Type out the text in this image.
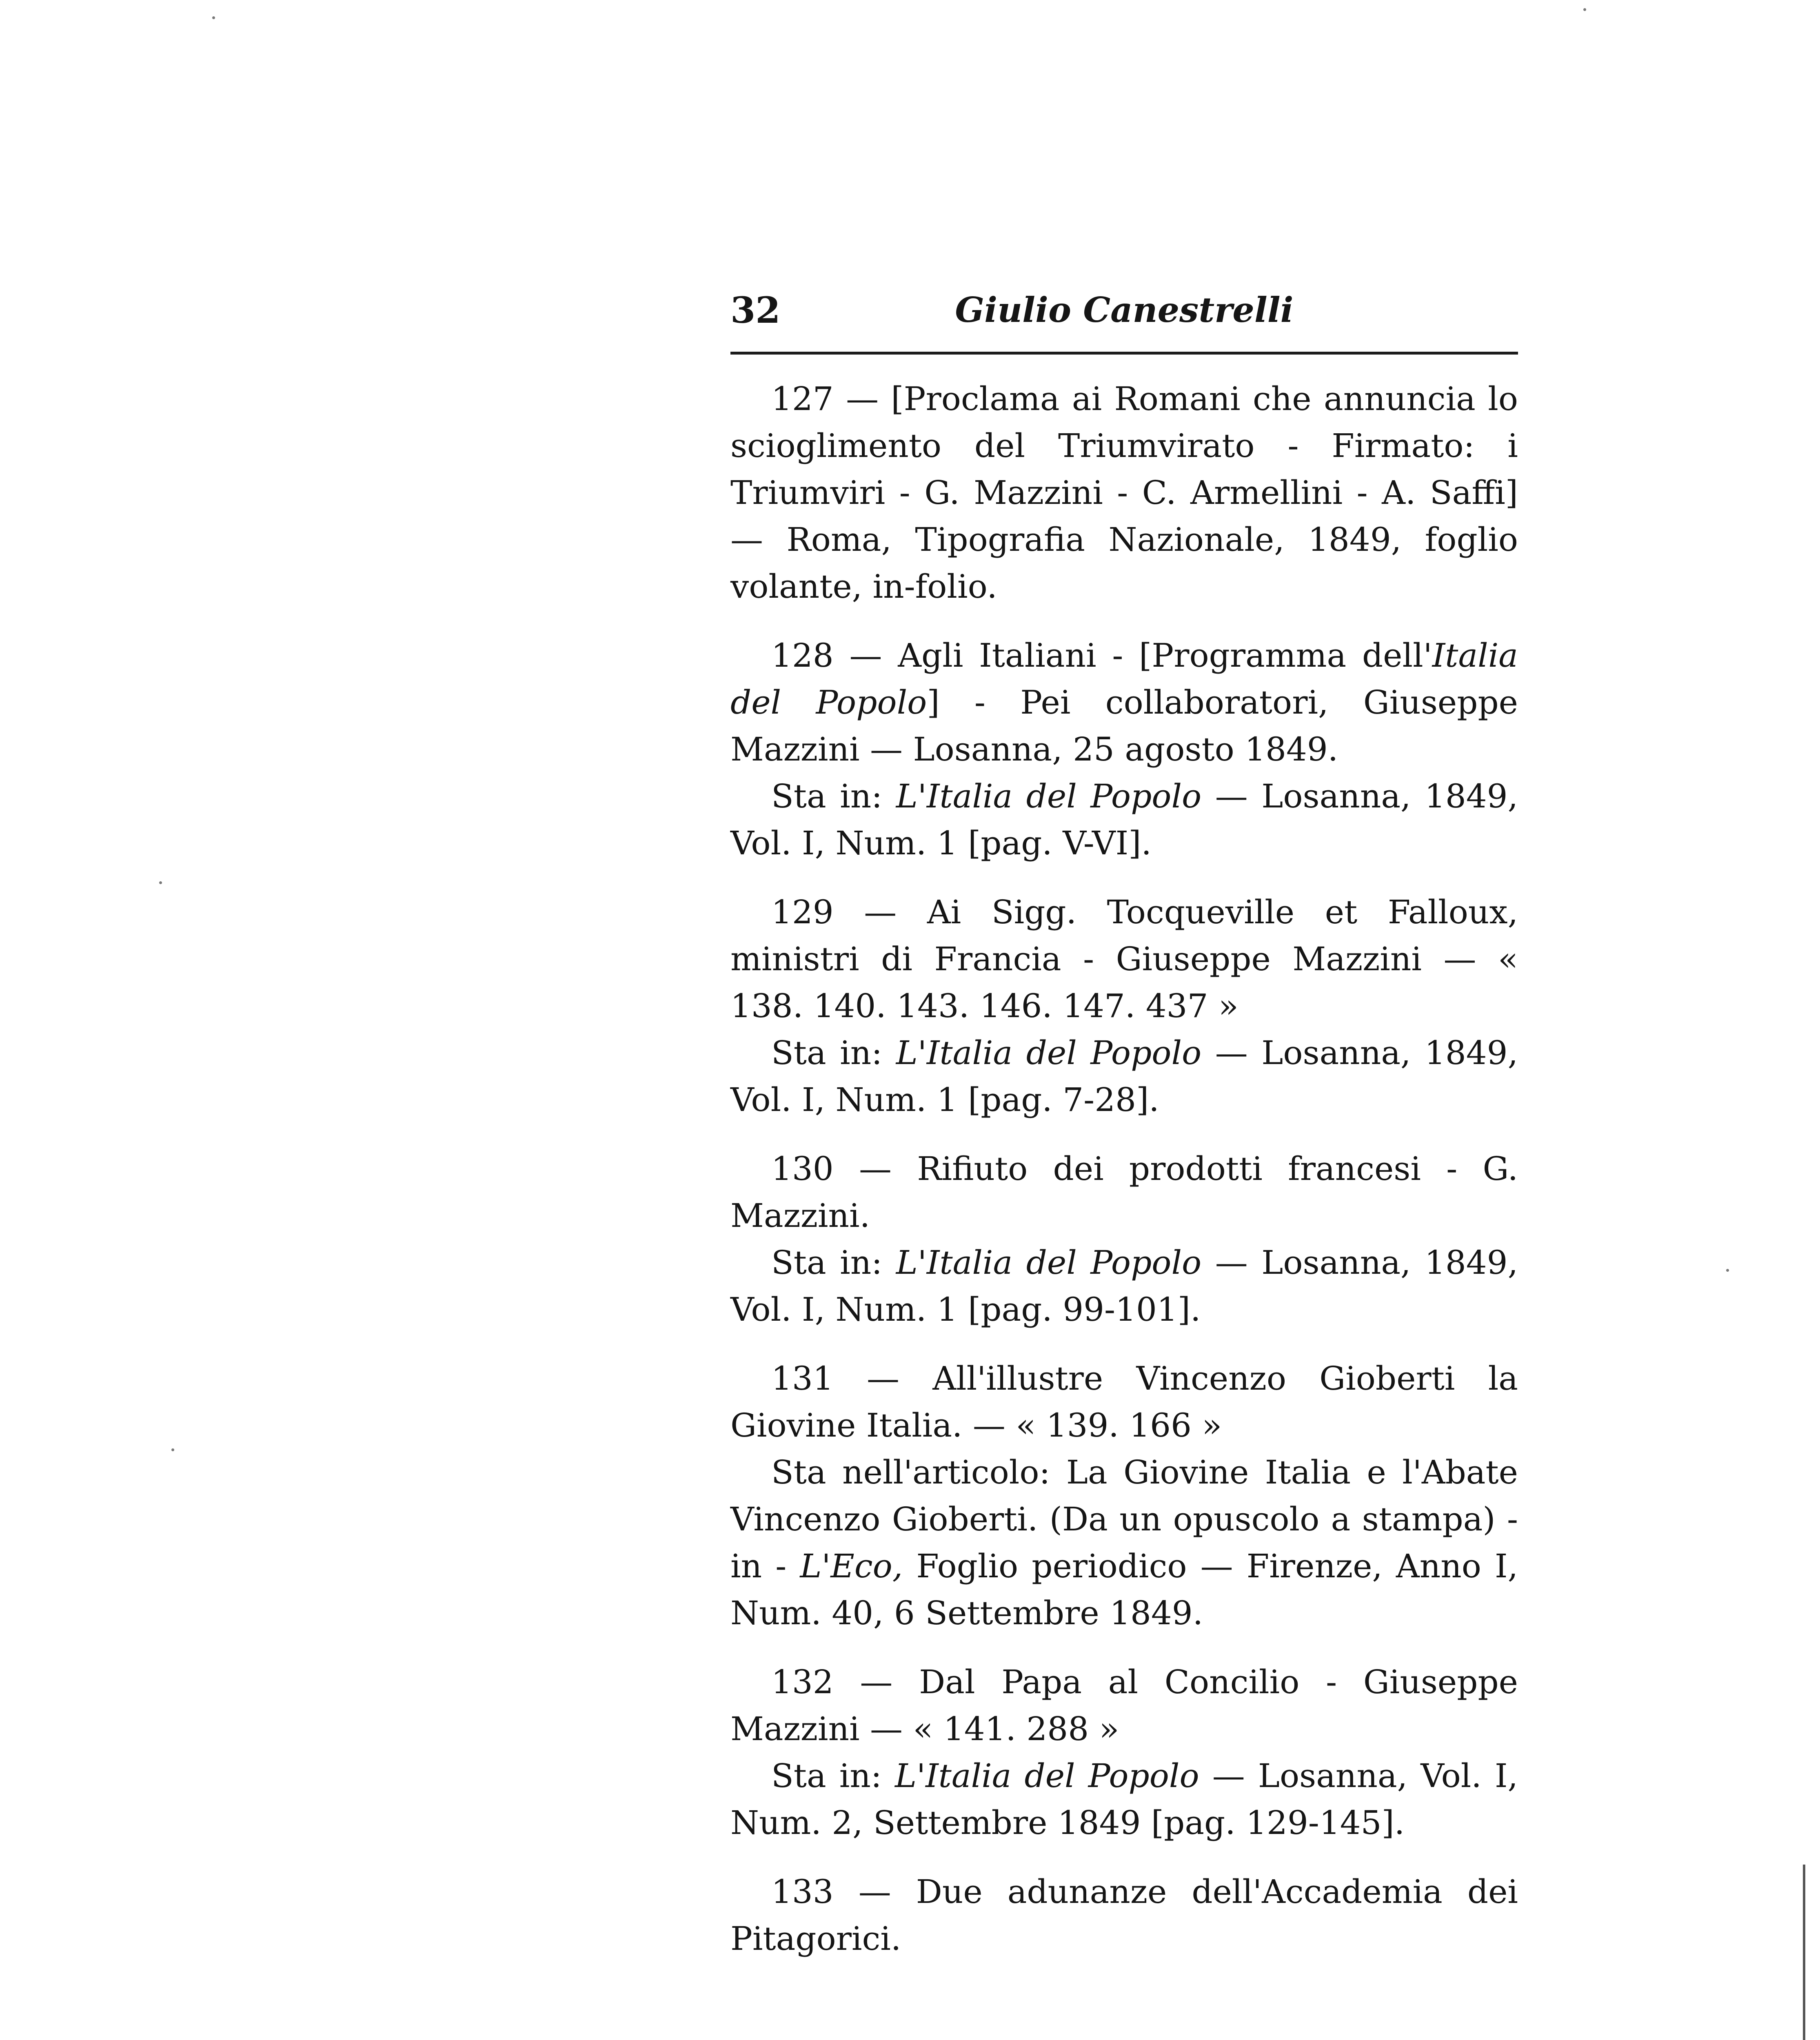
32	Giulio Canestrelli

127 — [Proclama ai Romani che annuncia lo scioglimento del Triumvirato - Firmato: i Triumviri - G. Mazzini - C. Armellini - A. Saffi] — Roma, Tipografia Nazionale, 1849, foglio volante, in-folio.

128 — Agli Italiani - [Programma dell'Italia del Popolo] - Pei collaboratori, Giuseppe Mazzini — Losanna, 25 agosto 1849.

Sta in: L'Italia del Popolo — Losanna, 1849, Vol. I, Num. 1 [pag. V-VI].

129 — Ai Sigg. Tocqueville et Falloux, ministri di Francia - Giuseppe Mazzini — « 138. 140. 143. 146. 147. 437 »

Sta in: L'Italia del Popolo — Losanna, 1849, Vol. I, Num. 1 [pag. 7-28].

130 — Rifiuto dei prodotti francesi - G. Mazzini.

Sta in: L'Italia del Popolo — Losanna, 1849, Vol. I, Num. 1 [pag. 99-101].

131 — All'illustre Vincenzo Gioberti la Giovine Italia. — « 139. 166 »

Sta nell'articolo: La Giovine Italia e l'Abate Vincenzo Gioberti. (Da un opuscolo a stampa) - in - L'Eco, Foglio periodico — Firenze, Anno I, Num. 40, 6 Settembre 1849.

132 — Dal Papa al Concilio - Giuseppe Mazzini — « 141. 288 »

Sta in: L'Italia del Popolo — Losanna, Vol. I, Num. 2, Settembre 1849 [pag. 129-145].

133 — Due adunanze dell'Accademia dei Pitagorici.
